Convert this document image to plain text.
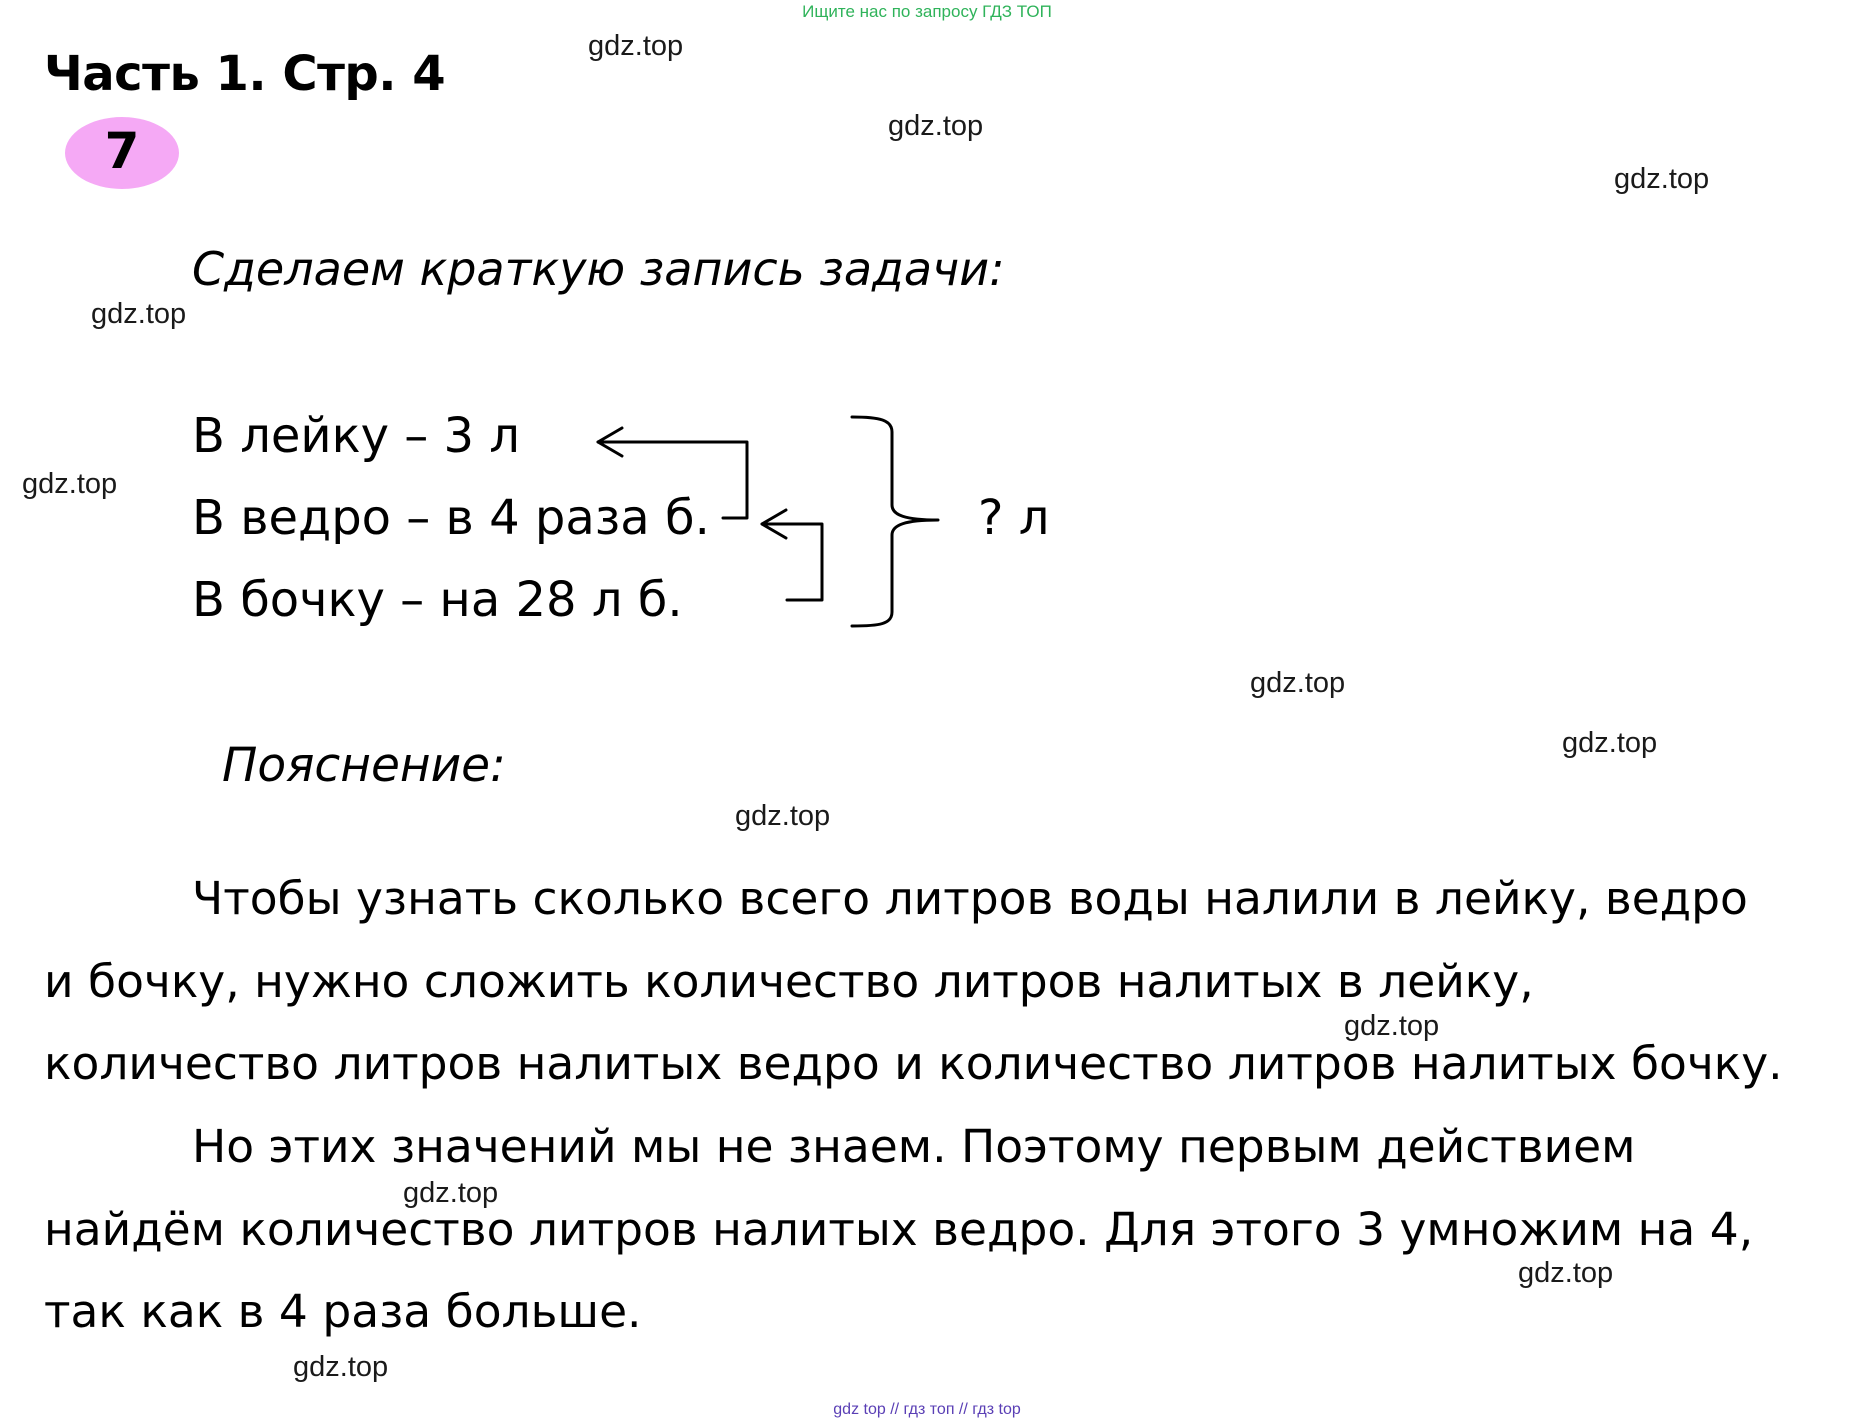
Ищите нас по запросу ГДЗ ТОП
Часть 1. Стр. 4
7
Сделаем краткую запись задачи:
В лейку – 3 л
В ведро – в 4 раза б.
В бочку – на 28 л б.
? л
Пояснение:
Чтобы узнать сколько всего литров воды налили в лейку, ведро
и бочку, нужно сложить количество литров налитых в лейку,
количество литров налитых ведро и количество литров налитых бочку.
Но этих значений мы не знаем. Поэтому первым действием
найдём количество литров налитых ведро. Для этого 3 умножим на 4,
так как в 4 раза больше.
gdz.top
gdz.top
gdz.top
gdz.top
gdz.top
gdz.top
gdz.top
gdz.top
gdz.top
gdz.top
gdz.top
gdz.top
gdz top // гдз топ // гдз top
